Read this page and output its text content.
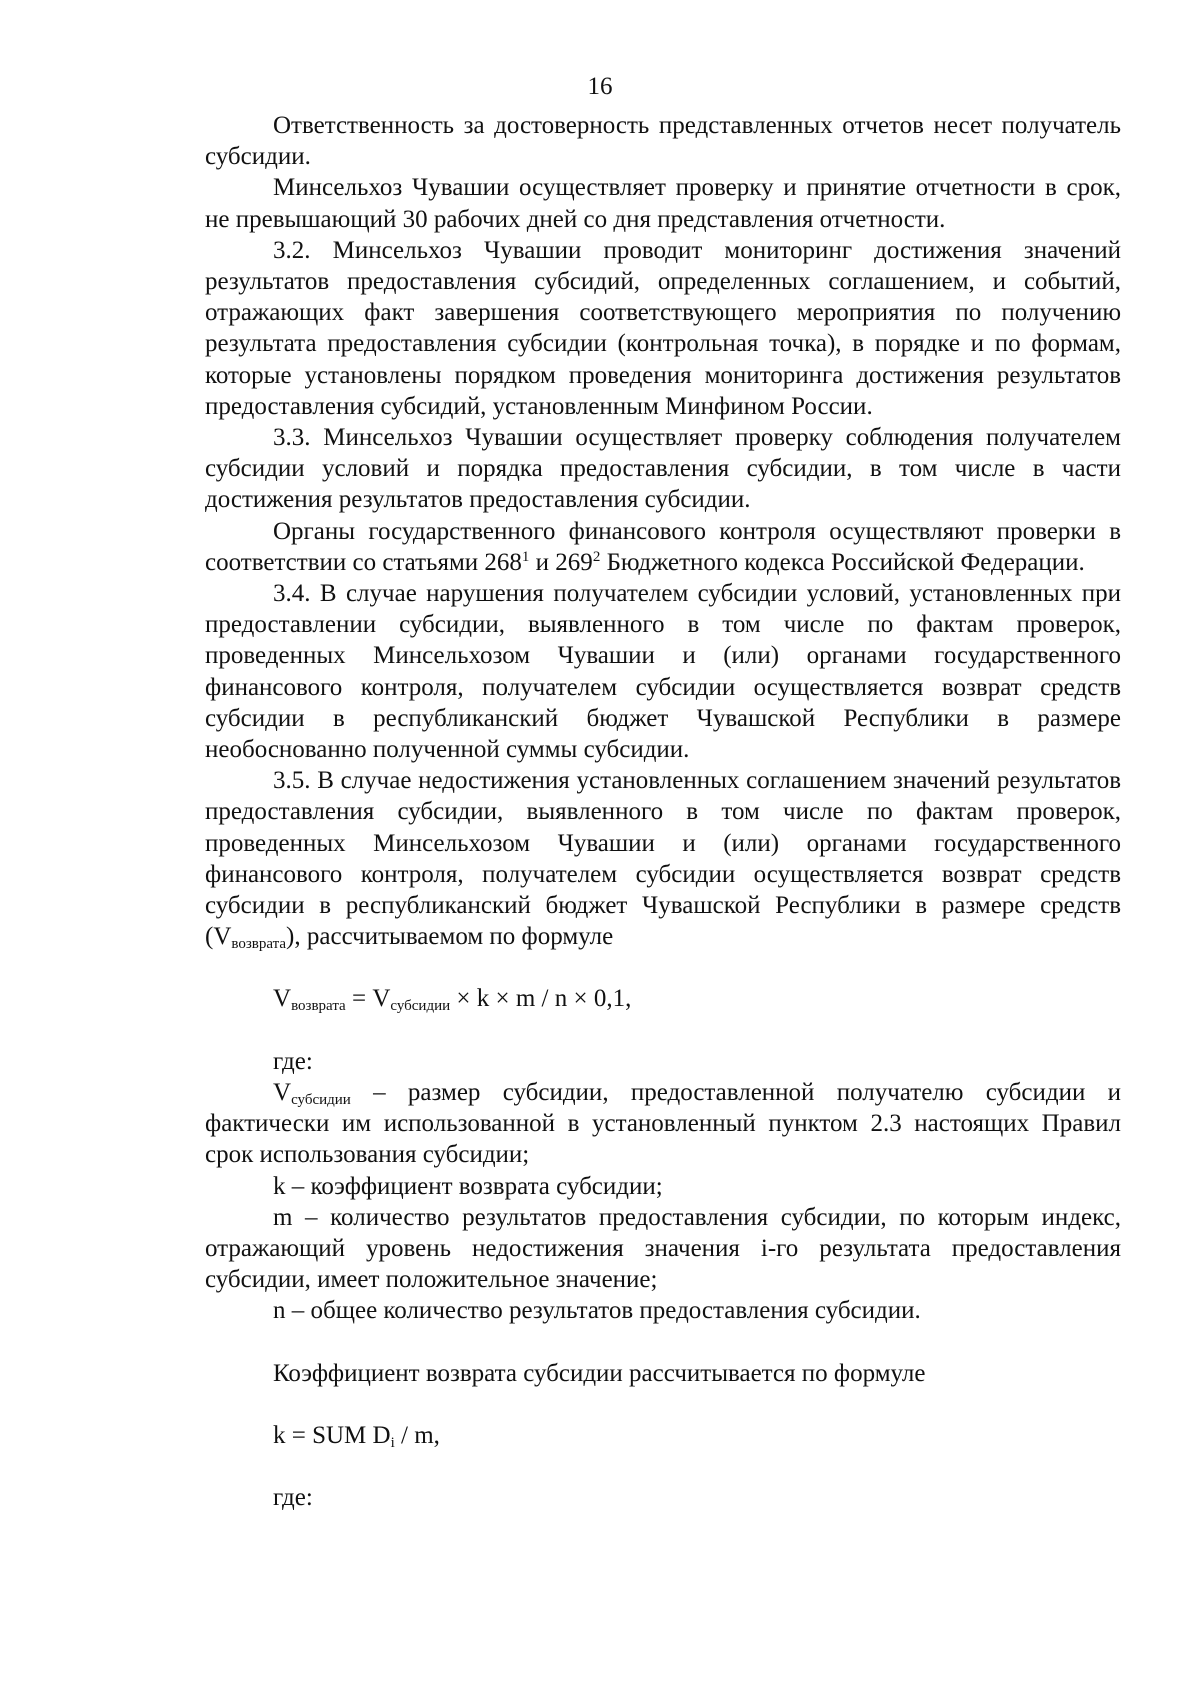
16

Ответственность за достоверность представленных отчетов несет получатель субсидии.

Минсельхоз Чувашии осуществляет проверку и принятие отчетности в срок, не превышающий 30 рабочих дней со дня представления отчетности.

3.2. Минсельхоз Чувашии проводит мониторинг достижения значений результатов предоставления субсидий, определенных соглашением, и событий, отражающих факт завершения соответствующего мероприятия по получению результата предоставления субсидии (контрольная точка), в порядке и по формам, которые установлены порядком проведения мониторинга достижения результатов предоставления субсидий, установленным Минфином России.

3.3. Минсельхоз Чувашии осуществляет проверку соблюдения получателем субсидии условий и порядка предоставления субсидии, в том числе в части достижения результатов предоставления субсидии.

Органы государственного финансового контроля осуществляют проверки в соответствии со статьями $268^1$ и $269^2$ Бюджетного кодекса Российской Федерации.

3.4. В случае нарушения получателем субсидии условий, установленных при предоставлении субсидии, выявленного в том числе по фактам проверок, проведенных Минсельхозом Чувашии и (или) органами государственного финансового контроля, получателем субсидии осуществляется возврат средств субсидии в республиканский бюджет Чувашской Республики в размере необоснованно полученной суммы субсидии.

3.5. В случае недостижения установленных соглашением значений результатов предоставления субсидии, выявленного в том числе по фактам проверок, проведенных Минсельхозом Чувашии и (или) органами государственного финансового контроля, получателем субсидии осуществляется возврат средств субсидии в республиканский бюджет Чувашской Республики в размере средств $(V_{возврата})$, рассчитываемом по формуле

$V_{возврата} = V_{субсидии} \times k \times m / n \times 0,1$,

где:

$V_{субсидии}$ – размер субсидии, предоставленной получателю субсидии и фактически им использованной в установленный пунктом 2.3 настоящих Правил срок использования субсидии;

k – коэффициент возврата субсидии;

m – количество результатов предоставления субсидии, по которым индекс, отражающий уровень недостижения значения i-го результата предоставления субсидии, имеет положительное значение;

n – общее количество результатов предоставления субсидии.

Коэффициент возврата субсидии рассчитывается по формуле

k = SUM $D_i$ / m,

где:
